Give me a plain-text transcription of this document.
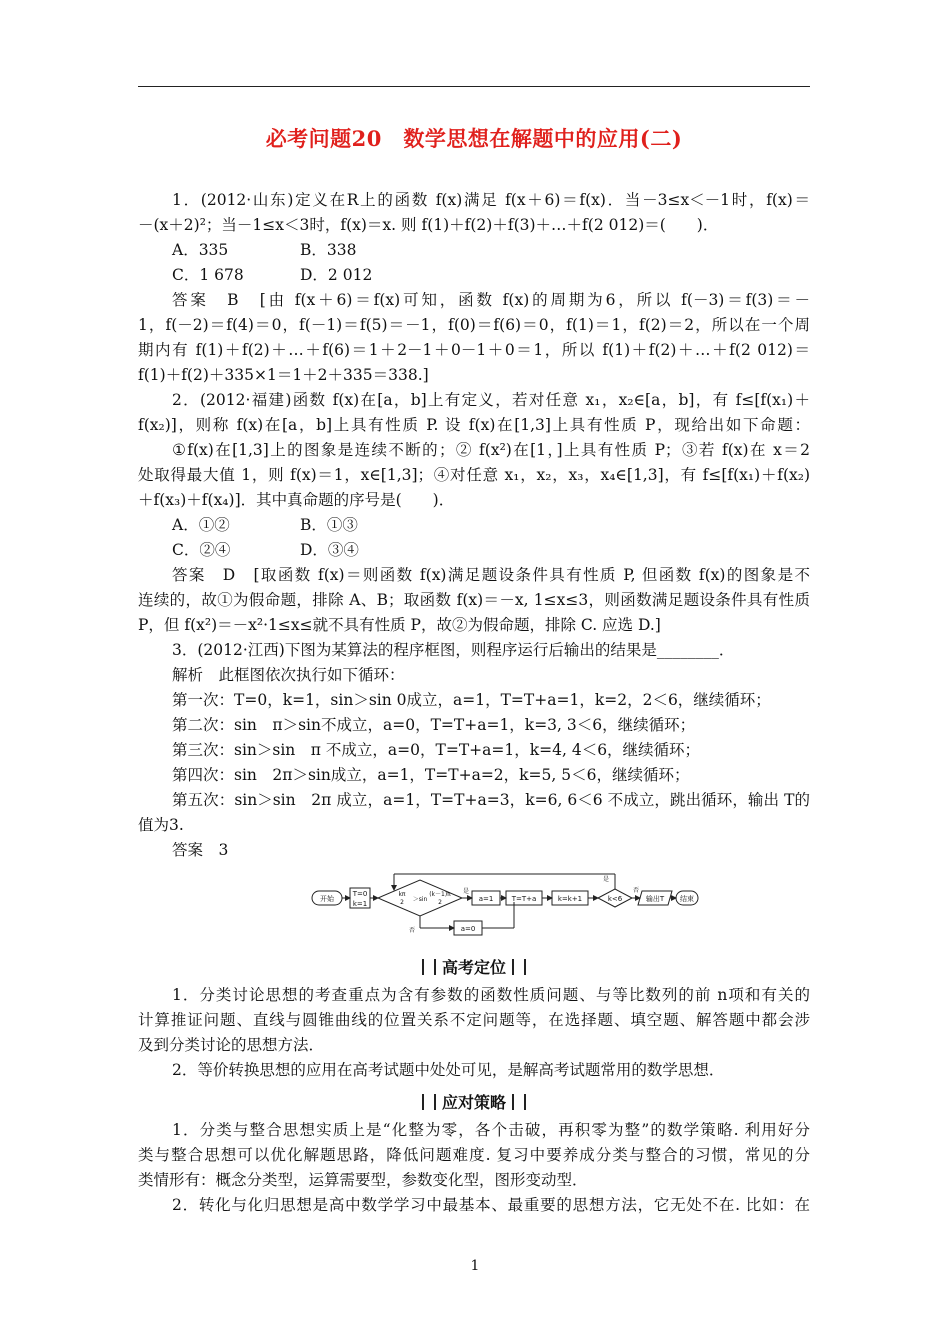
必考问题20　数学思想在解题中的应用(二)
1．(2012·山东)定义在R上的函数 f(x)满足 f(x＋6)＝f(x)．当－3≤x＜－1时，f(x)＝
－(x＋2)²；当－1≤x＜3时，f(x)＝x. 则 f(1)＋f(2)＋f(3)＋…＋f(2 012)＝(　　)．
A．335	B．338
C．1 678	D．2 012
答案　B　[由 f(x＋6)＝f(x)可知，函数 f(x)的周期为6，所以 f(－3)＝f(3)＝－
1，f(－2)＝f(4)＝0，f(－1)＝f(5)＝－1，f(0)＝f(6)＝0，f(1)＝1，f(2)＝2，所以在一个周
期内有 f(1)＋f(2)＋…＋f(6)＝1＋2－1＋0－1＋0＝1，所以 f(1)＋f(2)＋…＋f(2 012)＝
f(1)＋f(2)＋335×1＝1＋2＋335＝338.]
2．(2012·福建)函数 f(x)在[a，b]上有定义，若对任意 x₁，x₂∈[a，b]，有 f≤[f(x₁)＋
f(x₂)]，则称 f(x)在[a，b]上具有性质 P. 设 f(x)在[1,3]上具有性质 P，现给出如下命题：
①f(x)在[1,3]上的图象是连续不断的；② f(x²)在[1，]上具有性质 P；③若 f(x)在 x＝2
处取得最大值 1，则 f(x)＝1，x∈[1,3]；④对任意 x₁，x₂，x₃，x₄∈[1,3]，有 f≤[f(x₁)＋f(x₂)
＋f(x₃)＋f(x₄)]．其中真命题的序号是(　　)．
A．①②	B．①③
C．②④	D．③④
答案　D　[取函数 f(x)＝则函数 f(x)满足题设条件具有性质 P, 但函数 f(x)的图象是不
连续的，故①为假命题，排除 A、B；取函数 f(x)＝－x, 1≤x≤3，则函数满足题设条件具有性质
P，但 f(x²)＝－x²·1≤x≤就不具有性质 P，故②为假命题，排除 C. 应选 D.]
3．(2012·江西)下图为某算法的程序框图，则程序运行后输出的结果是________．
解析　此框图依次执行如下循环：
第一次：T=0，k=1，sin＞sin 0成立，a=1，T=T+a=1，k=2，2＜6，继续循环；
第二次：sin　π＞sin不成立，a=0，T=T+a=1，k=3, 3＜6，继续循环；
第三次：sin＞sin　π 不成立，a=0，T=T+a=1，k=4, 4＜6，继续循环；
第四次：sin　2π＞sin成立，a=1，T=T+a=2，k=5, 5＜6，继续循环；
第五次：sin＞sin　2π 成立，a=1，T=T+a=3，k=6, 6＜6 不成立，跳出循环，输出 T的
值为3.
答案　3
开始
T=0
k=1
kπ
2 ＞sin
(k－1)π
2
是
否
a=1
a=0
T=T+a	k=k+1	k<6
是
否
输出T 结束
高考定位
1．分类讨论思想的考查重点为含有参数的函数性质问题、与等比数列的前 n项和有关的
计算推证问题、直线与圆锥曲线的位置关系不定问题等，在选择题、填空题、解答题中都会涉
及到分类讨论的思想方法．
2．等价转换思想的应用在高考试题中处处可见，是解高考试题常用的数学思想．
应对策略
1．分类与整合思想实质上是“化整为零，各个击破，再积零为整”的数学策略. 利用好分
类与整合思想可以优化解题思路，降低问题难度. 复习中要养成分类与整合的习惯，常见的分
类情形有：概念分类型，运算需要型，参数变化型，图形变动型．
2．转化与化归思想是高中数学学习中最基本、最重要的思想方法，它无处不在. 比如：在
1
